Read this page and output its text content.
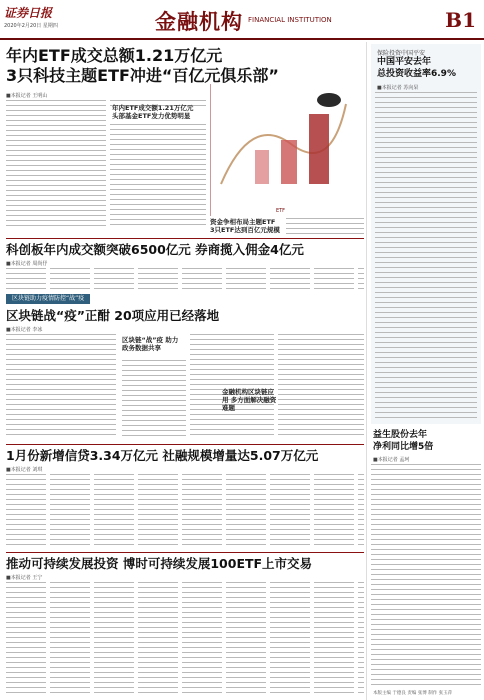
证券日报
2020年2月20日 星期四	金融机构 FINANCIAL INSTITUTION	B1
年内ETF成交总额1.21万亿元
3只科技主题ETF冲进“百亿元俱乐部”
■本报记者 王明山
年内ETF成交额1.21万亿元 头部基金ETF发力优势明显
ETF
资金争相布局主题ETF 3只ETF达到百亿元规模
科创板年内成交额突破6500亿元 券商揽入佣金4亿元
■本报记者 周尚伃
区块链助力疫情防控“战”疫
区块链战“疫”正酣 20项应用已经落地
■本报记者 李冰
区块链“战”疫 助力政务数据共享
金融机构区块链应用 多方面解决融资难题
1月份新增信贷3.34万亿元 社融规模增量达5.07万亿元
■本报记者 刘琪
推动可持续发展投资 博时可持续发展100ETF上市交易
■本报记者 王宁
保险投资中国平安
中国平安去年
总投资收益率6.9%
■本报记者 苏向杲
益生股份去年
净利同比增5倍
■本报记者 孟珂
本版主编 于德良 责编 张博 制作 张玉萍
